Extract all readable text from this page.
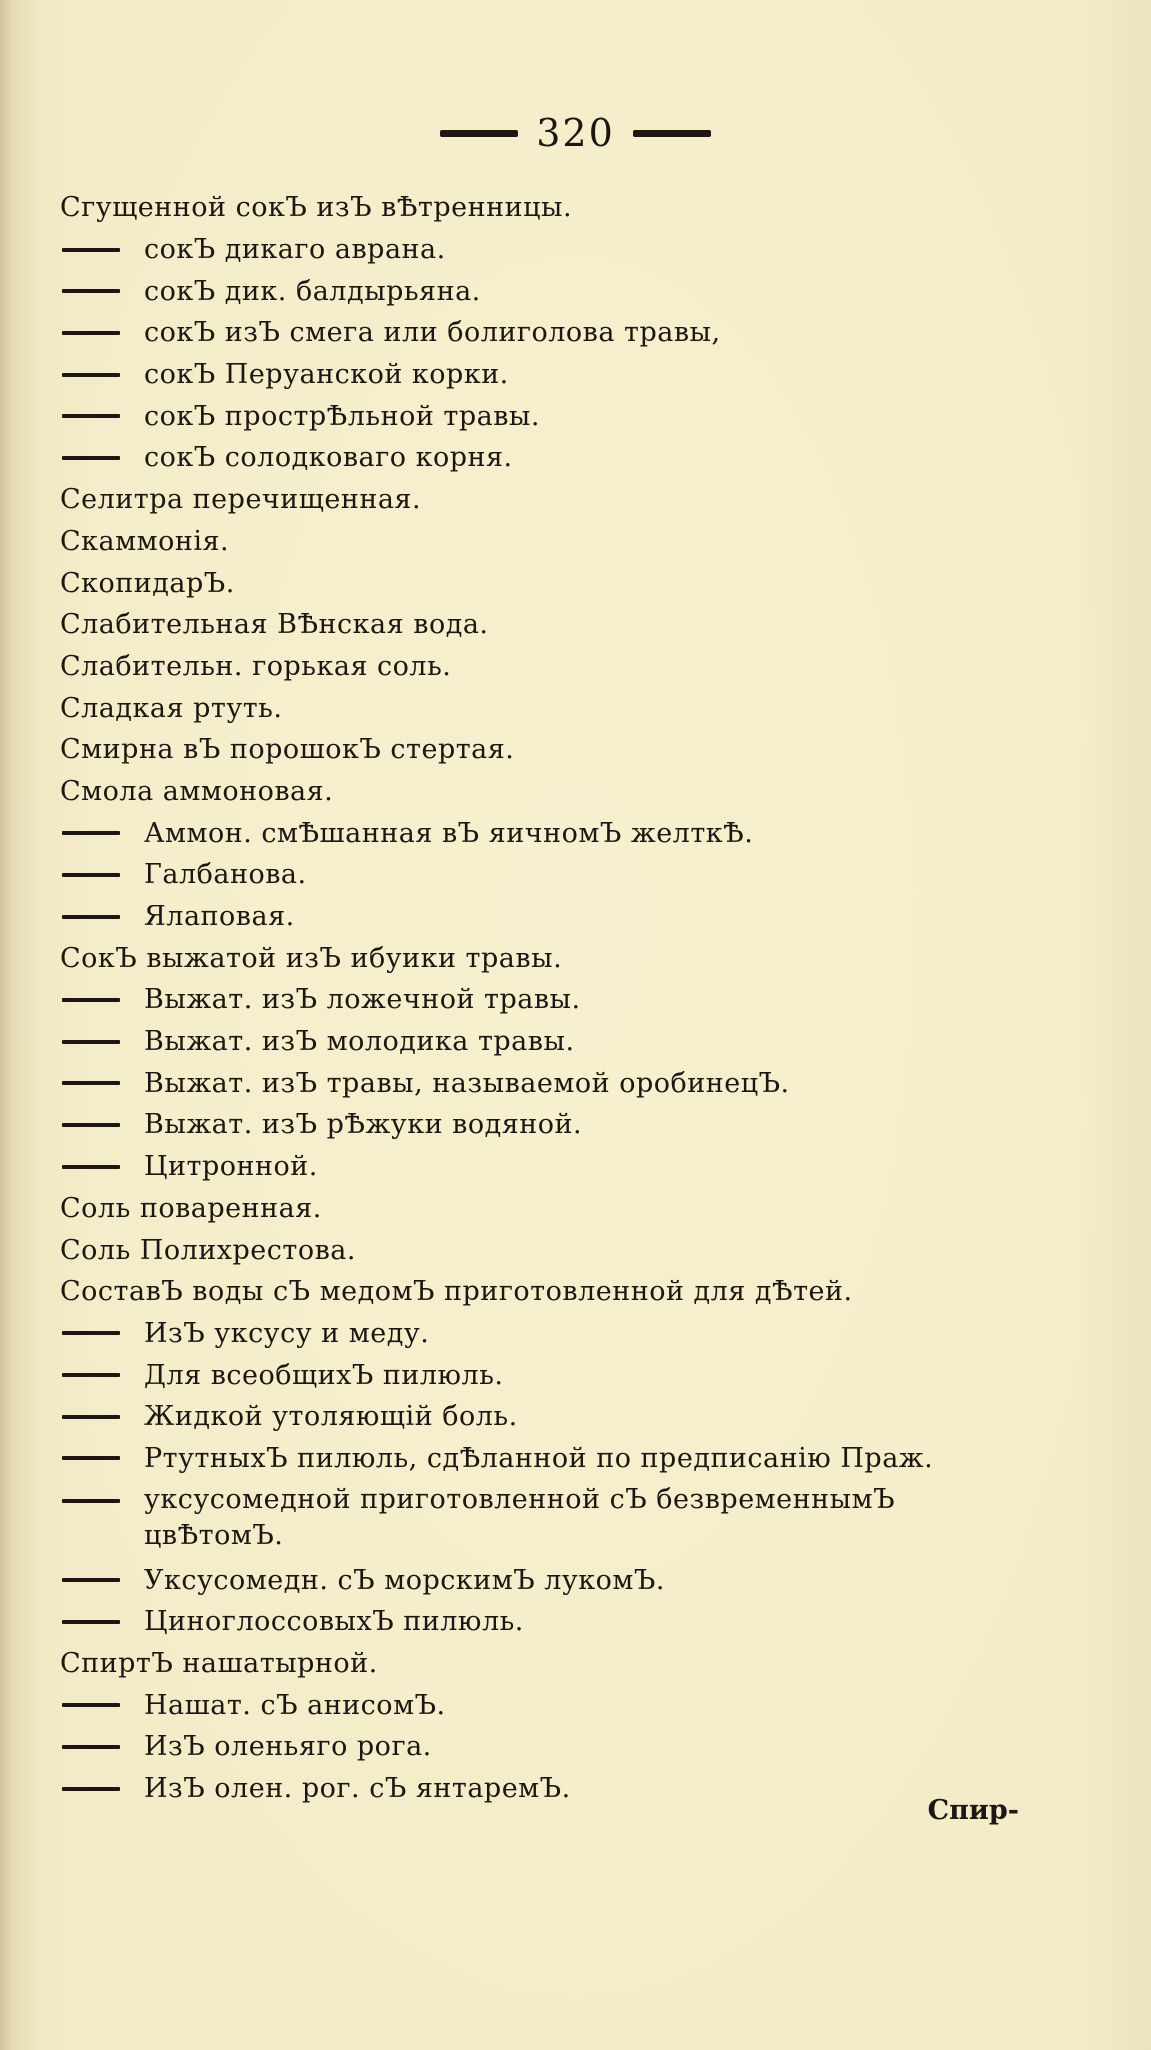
320
Сгущенной сокЪ изЪ вѢтренницы.
сокЪ дикаго аврана.
сокЪ дик. балдырьяна.
сокЪ изЪ смега или болиголова травы,
сокЪ Перуанской корки.
сокЪ прострѢльной травы.
сокЪ солодковаго корня.
Селитра перечищенная.
Скаммонія.
СкопидарЪ.
Слабительная ВѢнская вода.
Слабительн. горькая соль.
Сладкая ртуть.
Смирна вЪ порошокЪ стертая.
Смола аммоновая.
Аммон. смѢшанная вЪ яичномЪ желткѢ.
Галбанова.
Ялаповая.
СокЪ выжатой изЪ ибуики травы.
Выжат. изЪ ложечной травы.
Выжат. изЪ молодика травы.
Выжат. изЪ травы, называемой оробинецЪ.
Выжат. изЪ рѢжуки водяной.
Цитронной.
Соль поваренная.
Соль Полихрестова.
СоставЪ воды сЪ медомЪ приготовленной для дѢтей.
ИзЪ уксусу и меду.
Для всеобщихЪ пилюль.
Жидкой утоляющій боль.
РтутныхЪ пилюль, сдѢланной по предписанію Праж.
уксусомедной приготовленной сЪ безвременнымЪ цвѢтомЪ.
Уксусомедн. сЪ морскимЪ лукомЪ.
ЦиноглоссовыхЪ пилюль.
СпиртЪ нашатырной.
Нашат. сЪ анисомЪ.
ИзЪ оленьяго рога.
ИзЪ олен. рог. сЪ янтаремЪ.
Спир-
